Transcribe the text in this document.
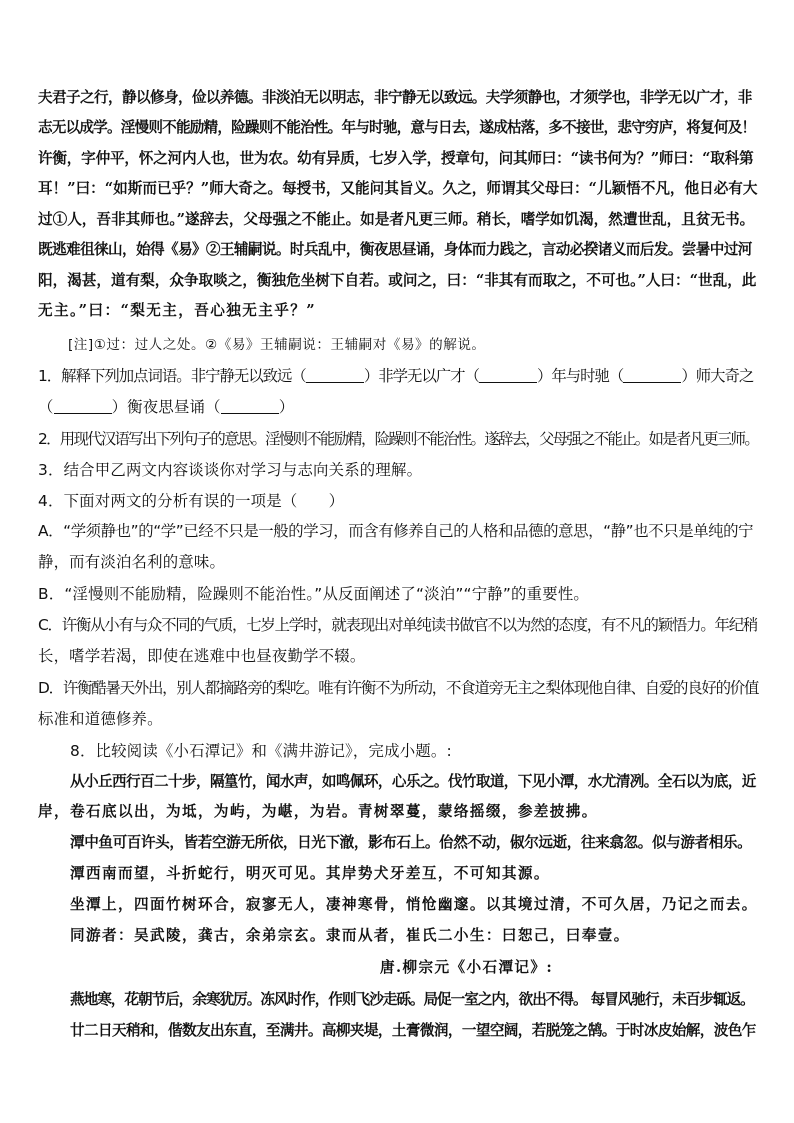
夫君子之行，静以修身，俭以养德。非淡泊无以明志，非宁静无以致远。夫学须静也，才须学也，非学无以广才，非
志无以成学。淫慢则不能励精，险躁则不能治性。年与时驰，意与日去，遂成枯落，多不接世，悲守穷庐，将复何及！
许衡，字仲平，怀之河内人也，世为农。幼有异质，七岁入学，授章句，问其师曰：“读书何为？”师曰：“取科第
耳！”曰：“如斯而已乎？”师大奇之。每授书，又能问其旨义。久之，师谓其父母曰：“儿颖悟不凡，他日必有大
过①人，吾非其师也。”遂辞去，父母强之不能止。如是者凡更三师。稍长，嗜学如饥渴，然遭世乱，且贫无书。
既逃难徂徕山，始得《易》②王辅嗣说。时兵乱中，衡夜思昼诵，身体而力践之，言动必揆诸义而后发。尝暑中过河
阳，渴甚，道有梨，众争取啖之，衡独危坐树下自若。或问之，曰：“非其有而取之，不可也。”人曰：“世乱，此
无主。”曰：“梨无主，吾心独无主乎？”
[注]①过：过人之处。②《易》王辅嗣说：王辅嗣对《易》的解说。
1．解释下列加点词语。非宁静无以致远（	）非学无以广才（	）年与时驰（	）师大奇之
（	）衡夜思昼诵（	）
2．用现代汉语写出下列句子的意思。淫慢则不能励精，险躁则不能治性。遂辞去，父母强之不能止。如是者凡更三师。
3．结合甲乙两文内容谈谈你对学习与志向关系的理解。
4．下面对两文的分析有误的一项是（　　）
A．“学须静也”的“学”已经不只是一般的学习，而含有修养自己的人格和品德的意思，“静”也不只是单纯的宁
静，而有淡泊名利的意味。
B．“淫慢则不能励精，险躁则不能治性。”从反面阐述了“淡泊”“宁静”的重要性。
C．许衡从小有与众不同的气质，七岁上学时，就表现出对单纯读书做官不以为然的态度，有不凡的颖悟力。年纪稍
长，嗜学若渴，即使在逃难中也昼夜勤学不辍。
D．许衡酷暑天外出，别人都摘路旁的梨吃。唯有许衡不为所动，不食道旁无主之梨体现他自律、自爱的良好的价值
标准和道德修养。
8．比较阅读《小石潭记》和《满井游记》，完成小题。:
从小丘西行百二十步，隔篁竹，闻水声，如鸣佩环，心乐之。伐竹取道，下见小潭，水尤清冽。全石以为底，近
岸，卷石底以出，为坻，为屿，为嵁，为岩。青树翠蔓，蒙络摇缀，参差披拂。
潭中鱼可百许头，皆若空游无所依，日光下澈，影布石上。佁然不动，俶尔远逝，往来翕忽。似与游者相乐。
潭西南而望，斗折蛇行，明灭可见。其岸势犬牙差互，不可知其源。
坐潭上，四面竹树环合，寂寥无人，凄神寒骨，悄怆幽邃。以其境过清，不可久居，乃记之而去。
同游者：吴武陵，龚古，余弟宗玄。隶而从者，崔氏二小生：曰恕己，曰奉壹。
唐.柳宗元《小石潭记》:
燕地寒，花朝节后，余寒犹厉。冻风时作，作则飞沙走砾。局促一室之内，欲出不得。 每冒风驰行，未百步辄返。
廿二日天稍和，偕数友出东直，至满井。高柳夹堤，土膏微润，一望空阔，若脱笼之鹄。于时冰皮始解，波色乍
